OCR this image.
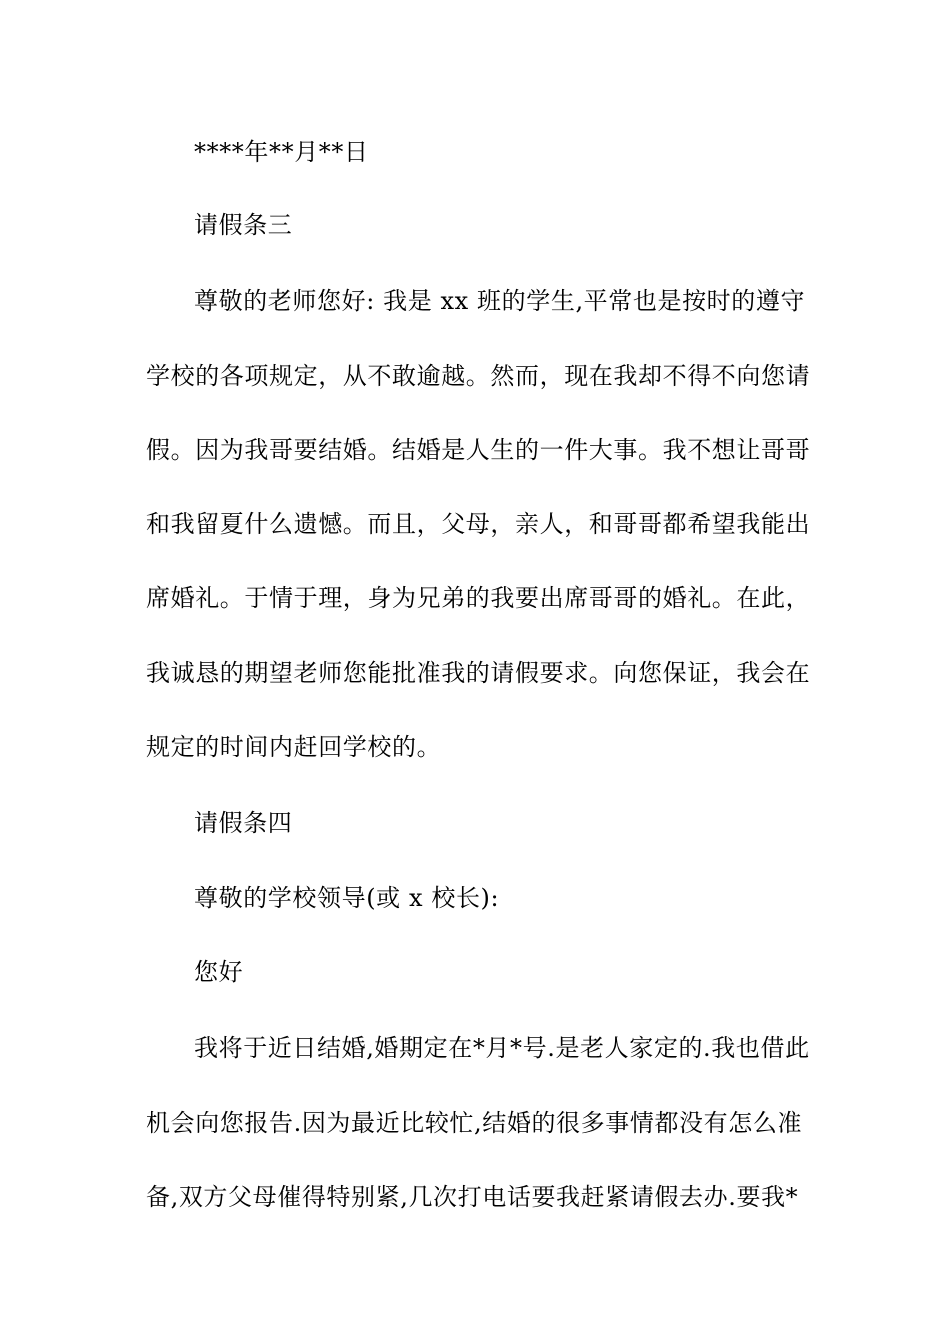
****年**月**日
请假条三
尊敬的老师您好: 我是 xx 班的学生,平常也是按时的遵守
学校的各项规定，从不敢逾越。然而，现在我却不得不向您请
假。因为我哥要结婚。结婚是人生的一件大事。我不想让哥哥
和我留夏什么遗憾。而且，父母，亲人，和哥哥都希望我能出
席婚礼。于情于理，身为兄弟的我要出席哥哥的婚礼。在此，
我诚恳的期望老师您能批准我的请假要求。向您保证，我会在
规定的时间内赶回学校的。
请假条四
尊敬的学校领导(或 x 校长):
您好
我将于近日结婚,婚期定在*月*号.是老人家定的.我也借此
机会向您报告.因为最近比较忙,结婚的很多事情都没有怎么准
备,双方父母催得特别紧,几次打电话要我赶紧请假去办.要我*
